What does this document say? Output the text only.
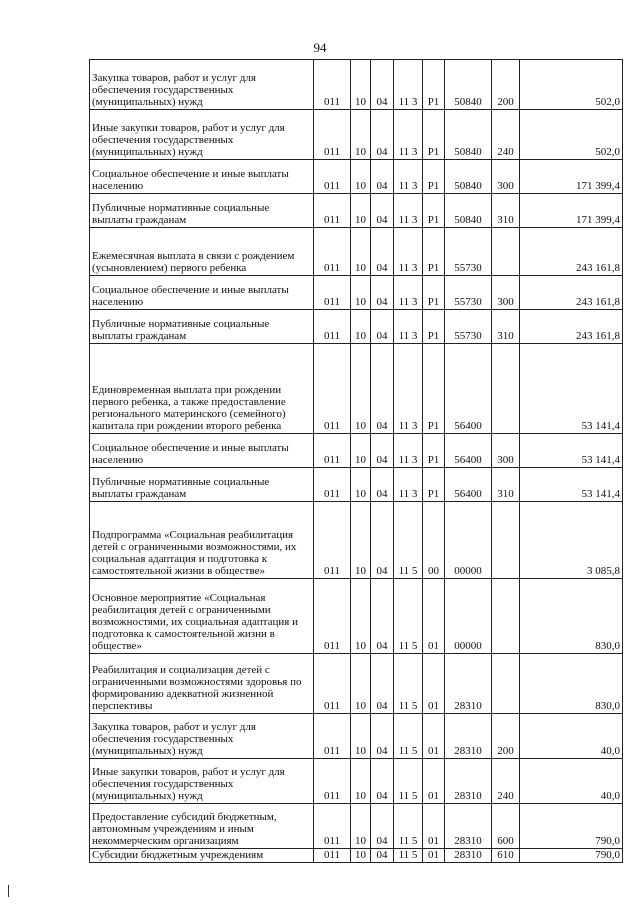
94
Закупка товаров, работ и услуг для обеспечения государственных (муниципальных) нужд	011	10	04	11 3	P1	50840	200	502,0
Иные закупки товаров, работ и услуг для обеспечения государственных (муниципальных) нужд	011	10	04	11 3	P1	50840	240	502,0
Социальное обеспечение и иные выплаты населению	011	10	04	11 3	P1	50840	300	171 399,4
Публичные нормативные социальные выплаты гражданам	011	10	04	11 3	P1	50840	310	171 399,4
Ежемесячная выплата в связи с рождением (усыновлением) первого ребенка	011	10	04	11 3	P1	55730		243 161,8
Социальное обеспечение и иные выплаты населению	011	10	04	11 3	P1	55730	300	243 161,8
Публичные нормативные социальные выплаты гражданам	011	10	04	11 3	P1	55730	310	243 161,8
Единовременная выплата при рождении первого ребенка, а также предоставление регионального материнского (семейного) капитала при рождении второго ребенка	011	10	04	11 3	P1	56400		53 141,4
Социальное обеспечение и иные выплаты населению	011	10	04	11 3	P1	56400	300	53 141,4
Публичные нормативные социальные выплаты гражданам	011	10	04	11 3	P1	56400	310	53 141,4
Подпрограмма «Социальная реабилитация детей с ограниченными возможностями, их социальная адаптация и подготовка к самостоятельной жизни в обществе»	011	10	04	11 5	00	00000		3 085,8
Основное мероприятие «Социальная реабилитация детей с ограниченными возможностями, их социальная адаптация и подготовка к самостоятельной жизни в обществе»	011	10	04	11 5	01	00000		830,0
Реабилитация и социализация детей с ограниченными возможностями здоровья по формированию адекватной жизненной перспективы	011	10	04	11 5	01	28310		830,0
Закупка товаров, работ и услуг для обеспечения государственных (муниципальных) нужд	011	10	04	11 5	01	28310	200	40,0
Иные закупки товаров, работ и услуг для обеспечения государственных (муниципальных) нужд	011	10	04	11 5	01	28310	240	40,0
Предоставление субсидий бюджетным, автономным учреждениям и иным некоммерческим организациям	011	10	04	11 5	01	28310	600	790,0
Субсидии бюджетным учреждениям	011	10	04	11 5	01	28310	610	790,0
